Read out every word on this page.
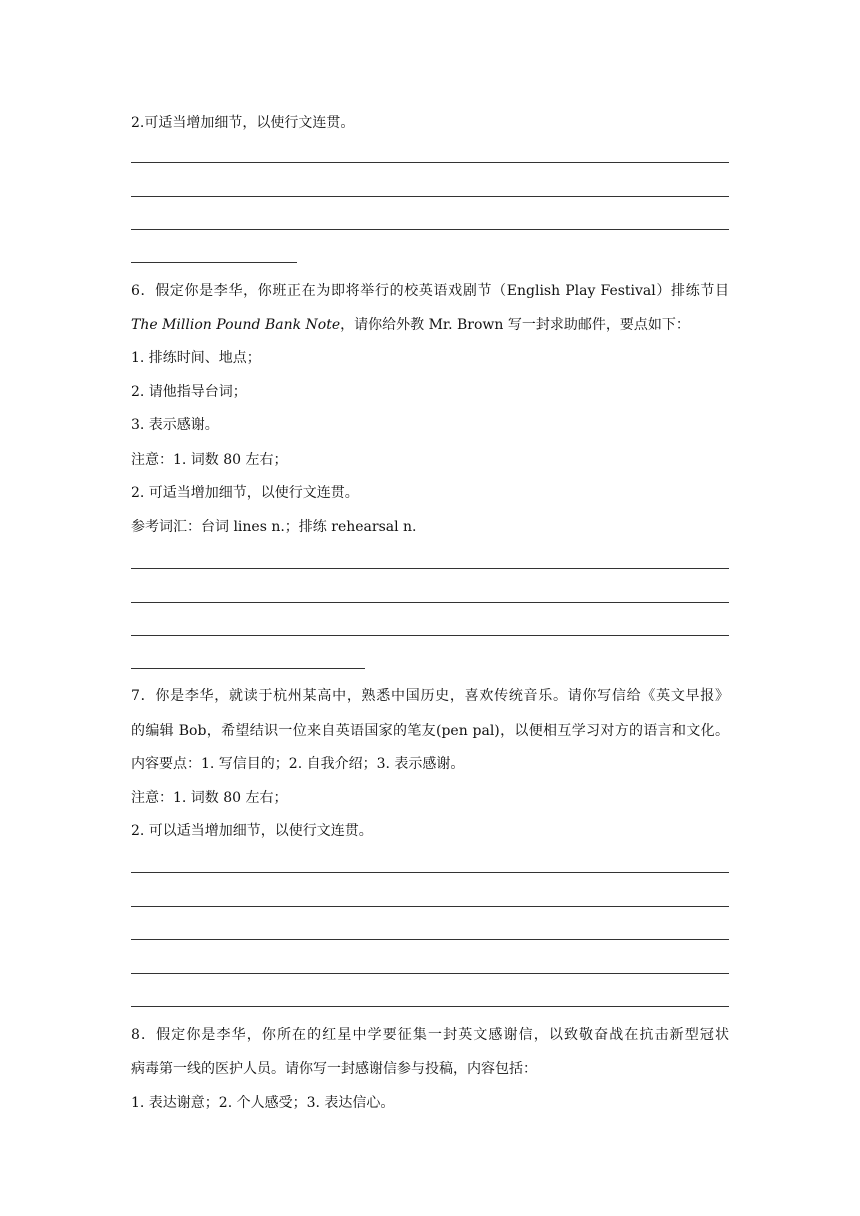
2.可适当增加细节，以使行文连贯。

6．假定你是李华，你班正在为即将举行的校英语戏剧节（English Play Festival）排练节目

The Million Pound Bank Note，请你给外教 Mr. Brown 写一封求助邮件，要点如下：

1. 排练时间、地点；

2. 请他指导台词；

3. 表示感谢。

注意：1. 词数 80 左右；

2. 可适当增加细节，以使行文连贯。

参考词汇：台词 lines n.；排练 rehearsal n.

7．你是李华，就读于杭州某高中，熟悉中国历史，喜欢传统音乐。请你写信给《英文早报》

的编辑 Bob，希望结识一位来自英语国家的笔友(pen pal)，以便相互学习对方的语言和文化。

内容要点：1. 写信目的；2. 自我介绍；3. 表示感谢。

注意：1. 词数 80 左右；

2. 可以适当增加细节，以使行文连贯。

8．假定你是李华，你所在的红星中学要征集一封英文感谢信，以致敬奋战在抗击新型冠状

病毒第一线的医护人员。请你写一封感谢信参与投稿，内容包括：

1. 表达谢意；2. 个人感受；3. 表达信心。
